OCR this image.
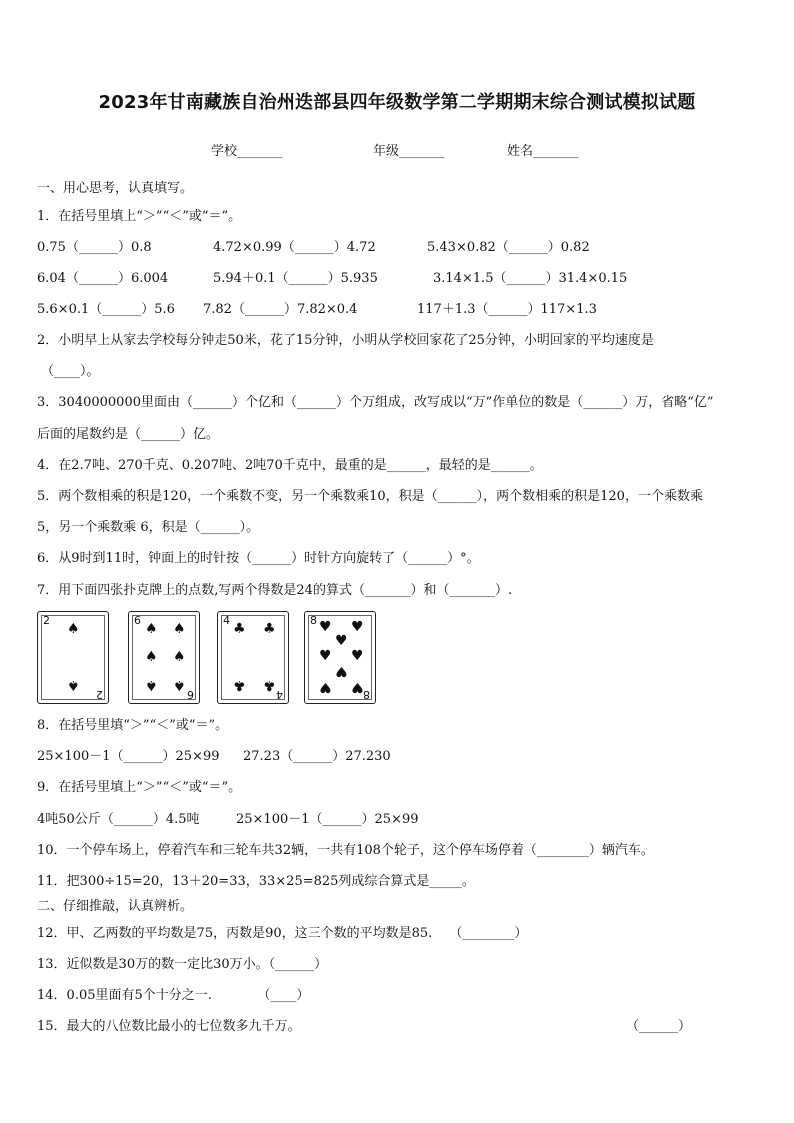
2023年甘南藏族自治州迭部县四年级数学第二学期期末综合测试模拟试题
学校_______	年级_______	姓名_______
一、用心思考，认真填写。
1．在括号里填上“＞”“＜”或“＝”。
0.75（______）0.8	4.72×0.99（______）4.72	5.43×0.82（______）0.82
6.04（______）6.004	5.94＋0.1（______）5.935	3.14×1.5（______）31.4×0.15
5.6×0.1（______）5.6 7.82（______）7.82×0.4	117＋1.3（______）117×1.3
2．小明早上从家去学校每分钟走50米，花了15分钟，小明从学校回家花了25分钟，小明回家的平均速度是
（____）。
3．3040000000里面由（______）个亿和（______）个万组成，改写成以“万”作单位的数是（______）万，省略“亿”
后面的尾数约是（______）亿。
4．在2.7吨、270千克、0.207吨、2吨70千克中，最重的是______，最轻的是______。
5．两个数相乘的积是120，一个乘数不变，另一个乘数乘10，积是（______），两个数相乘的积是120，一个乘数乘
5，另一个乘数乘 6，积是（______）。
6．从9时到11时，钟面上的时针按（______）时针方向旋转了（______）°。
7．用下面四张扑克牌上的点数,写两个得数是24的算式（_______）和（_______）.
2
2
♠
♠
6
6
♠ ♠
♠ ♠
♠ ♠
4
4
♣ ♣
♣ ♣
8
8
♥ ♥
♥
♥ ♥
♥
♥ ♥
8．在括号里填“＞”“＜”或“＝”。
25×100－1（______）25×99 27.23（______）27.230
9．在括号里填上“＞”“＜”或“＝”。
4吨50公斤（______）4.5吨	25×100－1（______）25×99
10．一个停车场上，停着汽车和三轮车共32辆，一共有108个轮子，这个停车场停着（________）辆汽车。
11．把300÷15=20，13＋20=33，33×25=825列成综合算式是_____。
二、仔细推敲，认真辨析。
12．甲、乙两数的平均数是75，丙数是90，这三个数的平均数是85.　 （________）
13．近似数是30万的数一定比30万小。（______）
14．0.05里面有5个十分之一.　　　　（____）
15．最大的八位数比最小的七位数多九千万。	（______）
